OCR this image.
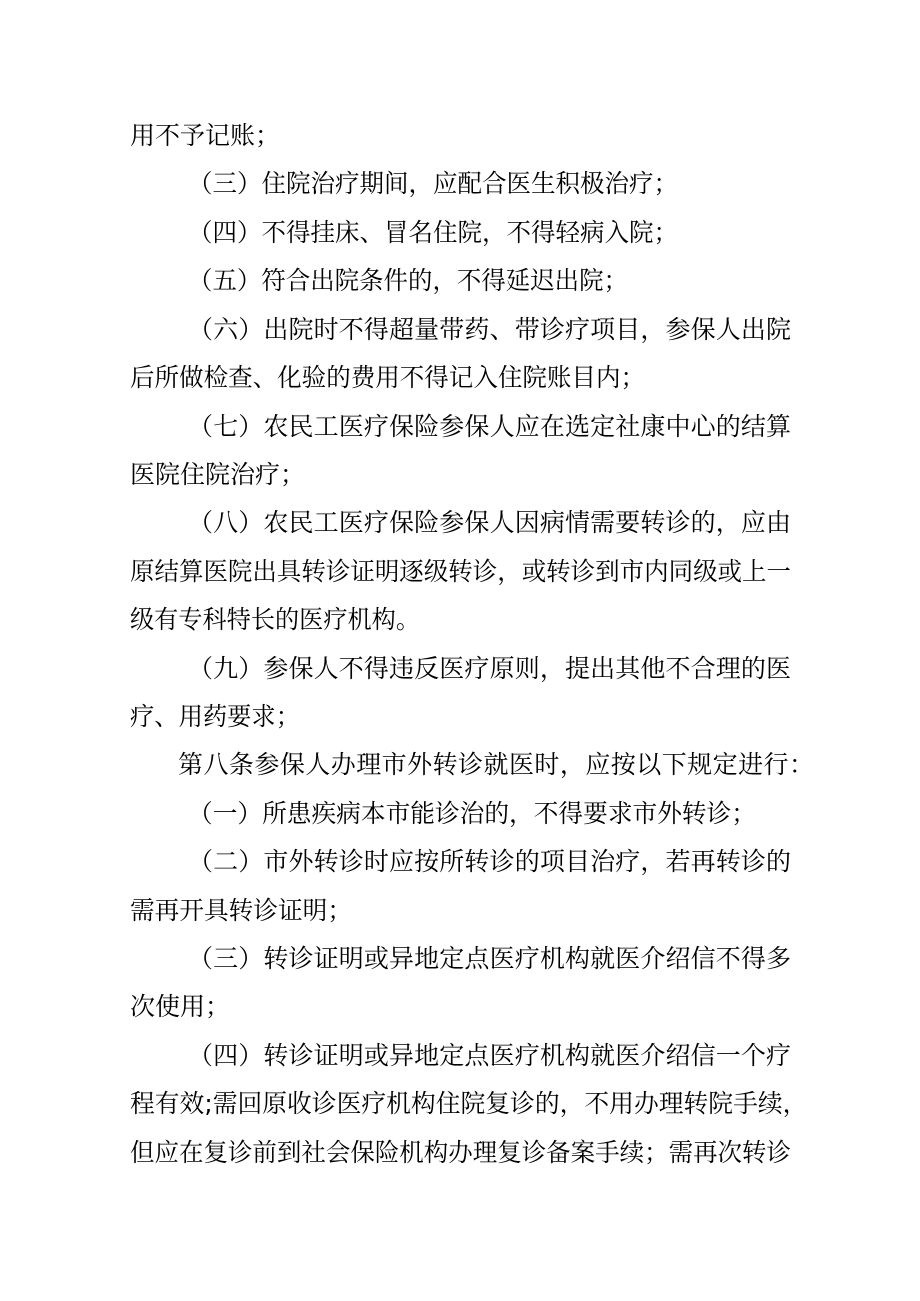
用不予记账；
（三）住院治疗期间，应配合医生积极治疗；
（四）不得挂床、冒名住院，不得轻病入院；
（五）符合出院条件的，不得延迟出院；
（六）出院时不得超量带药、带诊疗项目，参保人出院
后所做检查、化验的费用不得记入住院账目内；
（七）农民工医疗保险参保人应在选定社康中心的结算
医院住院治疗；
（八）农民工医疗保险参保人因病情需要转诊的，应由
原结算医院出具转诊证明逐级转诊，或转诊到市内同级或上一
级有专科特长的医疗机构。
（九）参保人不得违反医疗原则，提出其他不合理的医
疗、用药要求；
第八条参保人办理市外转诊就医时，应按以下规定进行：
（一）所患疾病本市能诊治的，不得要求市外转诊；
（二）市外转诊时应按所转诊的项目治疗，若再转诊的
需再开具转诊证明；
（三）转诊证明或异地定点医疗机构就医介绍信不得多
次使用；
（四）转诊证明或异地定点医疗机构就医介绍信一个疗
程有效;需回原收诊医疗机构住院复诊的，不用办理转院手续，
但应在复诊前到社会保险机构办理复诊备案手续；需再次转诊
